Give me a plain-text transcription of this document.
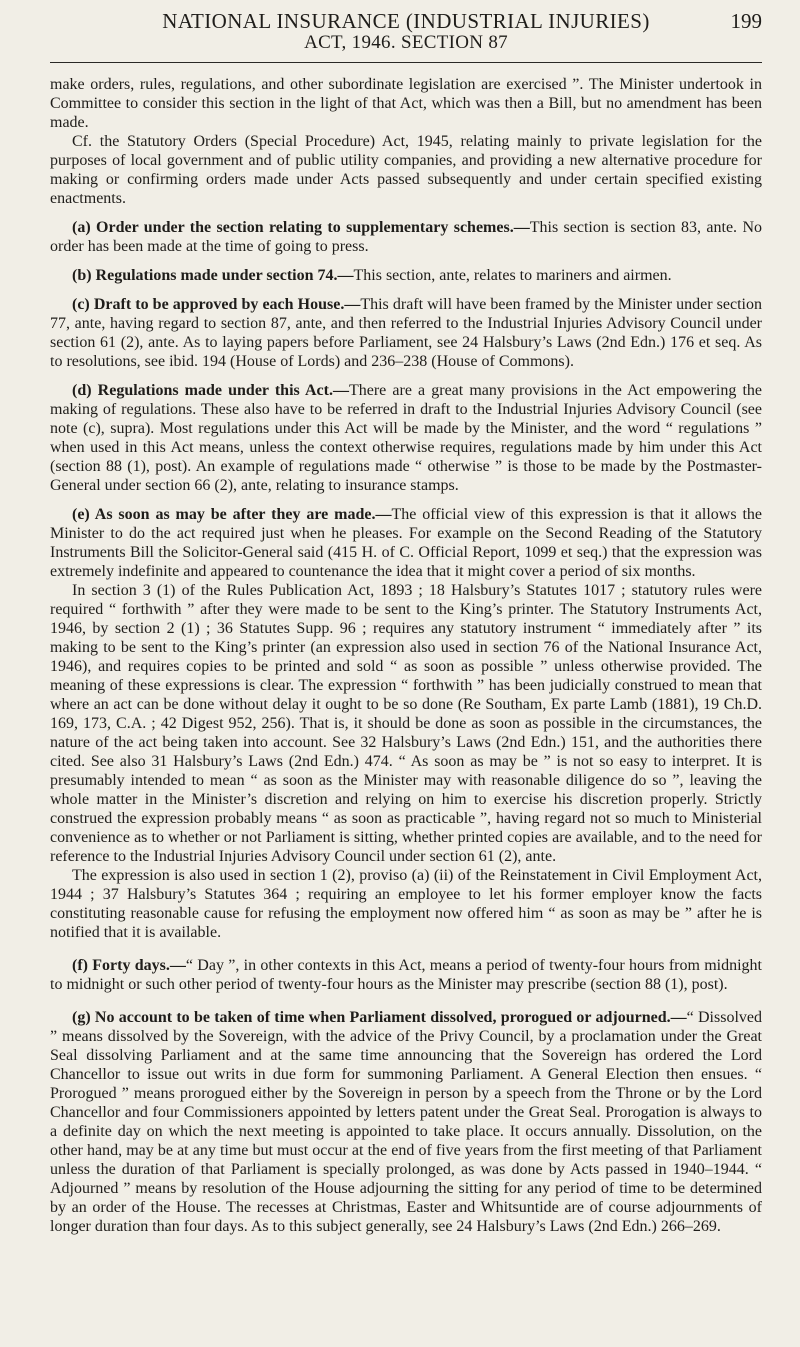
NATIONAL INSURANCE (INDUSTRIAL INJURIES)
ACT, 1946. SECTION 87
199

make orders, rules, regulations, and other subordinate legislation are exercised ”. The Minister undertook in Committee to consider this section in the light of that Act, which was then a Bill, but no amendment has been made.

Cf. the Statutory Orders (Special Procedure) Act, 1945, relating mainly to private legislation for the purposes of local government and of public utility companies, and providing a new alternative procedure for making or confirming orders made under Acts passed subsequently and under certain specified existing enactments.

(a) Order under the section relating to supplementary schemes.—This section is section 83, ante. No order has been made at the time of going to press.

(b) Regulations made under section 74.—This section, ante, relates to mariners and airmen.

(c) Draft to be approved by each House.—This draft will have been framed by the Minister under section 77, ante, having regard to section 87, ante, and then referred to the Industrial Injuries Advisory Council under section 61 (2), ante. As to laying papers before Parliament, see 24 Halsbury’s Laws (2nd Edn.) 176 et seq. As to resolutions, see ibid. 194 (House of Lords) and 236–238 (House of Commons).

(d) Regulations made under this Act.—There are a great many provisions in the Act empowering the making of regulations. These also have to be referred in draft to the Industrial Injuries Advisory Council (see note (c), supra). Most regulations under this Act will be made by the Minister, and the word “ regulations ” when used in this Act means, unless the context otherwise requires, regulations made by him under this Act (section 88 (1), post). An example of regulations made “ otherwise ” is those to be made by the Postmaster-General under section 66 (2), ante, relating to insurance stamps.

(e) As soon as may be after they are made.—The official view of this expression is that it allows the Minister to do the act required just when he pleases. For example on the Second Reading of the Statutory Instruments Bill the Solicitor-General said (415 H. of C. Official Report, 1099 et seq.) that the expression was extremely indefinite and appeared to countenance the idea that it might cover a period of six months.

In section 3 (1) of the Rules Publication Act, 1893 ; 18 Halsbury’s Statutes 1017 ; statutory rules were required “ forthwith ” after they were made to be sent to the King’s printer. The Statutory Instruments Act, 1946, by section 2 (1) ; 36 Statutes Supp. 96 ; requires any statutory instrument “ immediately after ” its making to be sent to the King’s printer (an expression also used in section 76 of the National Insurance Act, 1946), and requires copies to be printed and sold “ as soon as possible ” unless otherwise provided. The meaning of these expressions is clear. The expression “ forthwith ” has been judicially construed to mean that where an act can be done without delay it ought to be so done (Re Southam, Ex parte Lamb (1881), 19 Ch.D. 169, 173, C.A. ; 42 Digest 952, 256). That is, it should be done as soon as possible in the circumstances, the nature of the act being taken into account. See 32 Halsbury’s Laws (2nd Edn.) 151, and the authorities there cited. See also 31 Halsbury’s Laws (2nd Edn.) 474. “ As soon as may be ” is not so easy to interpret. It is presumably intended to mean “ as soon as the Minister may with reasonable diligence do so ”, leaving the whole matter in the Minister’s discretion and relying on him to exercise his discretion properly. Strictly construed the expression probably means “ as soon as practicable ”, having regard not so much to Ministerial convenience as to whether or not Parliament is sitting, whether printed copies are available, and to the need for reference to the Industrial Injuries Advisory Council under section 61 (2), ante.

The expression is also used in section 1 (2), proviso (a) (ii) of the Reinstatement in Civil Employment Act, 1944 ; 37 Halsbury’s Statutes 364 ; requiring an employee to let his former employer know the facts constituting reasonable cause for refusing the employment now offered him “ as soon as may be ” after he is notified that it is available.

(f) Forty days.—“ Day ”, in other contexts in this Act, means a period of twenty-four hours from midnight to midnight or such other period of twenty-four hours as the Minister may prescribe (section 88 (1), post).

(g) No account to be taken of time when Parliament dissolved, prorogued or adjourned.—“ Dissolved ” means dissolved by the Sovereign, with the advice of the Privy Council, by a proclamation under the Great Seal dissolving Parliament and at the same time announcing that the Sovereign has ordered the Lord Chancellor to issue out writs in due form for summoning Parliament. A General Election then ensues. “ Prorogued ” means prorogued either by the Sovereign in person by a speech from the Throne or by the Lord Chancellor and four Commissioners appointed by letters patent under the Great Seal. Prorogation is always to a definite day on which the next meeting is appointed to take place. It occurs annually. Dissolution, on the other hand, may be at any time but must occur at the end of five years from the first meeting of that Parliament unless the duration of that Parliament is specially prolonged, as was done by Acts passed in 1940–1944. “ Adjourned ” means by resolution of the House adjourning the sitting for any period of time to be determined by an order of the House. The recesses at Christmas, Easter and Whitsuntide are of course adjournments of longer duration than four days. As to this subject generally, see 24 Halsbury’s Laws (2nd Edn.) 266–269.
